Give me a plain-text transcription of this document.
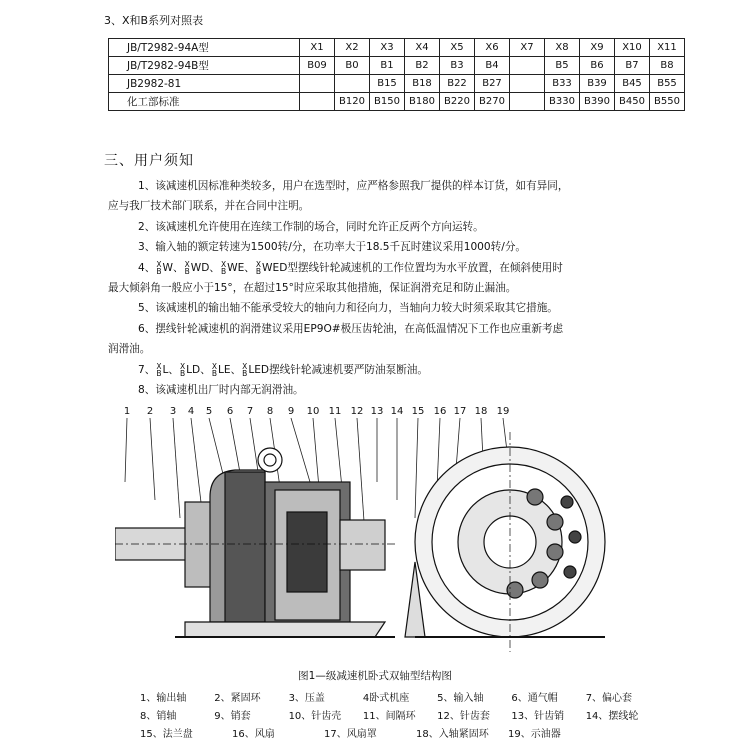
3、X和B系列对照表
JB/T2982-94A型	X1	X2	X3	X4	X5	X6	X7	X8	X9	X10	X11
JB/T2982-94B型	B09	B0	B1	B2	B3	B4		B5	B6	B7	B8
JB2982-81			B15	B18	B22	B27		B33	B39	B45	B55
化工部标准		B120	B150	B180	B220	B270		B330	B390	B450	B550
三、用户须知

1、该减速机因标准种类较多，用户在选型时，应严格参照我厂提供的样本订货，如有异同，

应与我厂技术部门联系，并在合同中注明。

2、该减速机允许使用在连续工作制的场合，同时允许正反两个方向运转。

3、输入轴的额定转速为1500转/分，在功率大于18.5千瓦时建议采用1000转/分。

4、 X
B W、 X
B WD、 X
B WE、 X
B WED型摆线针轮减速机的工作位置均为水平放置，在倾斜使用时

最大倾斜角一般应小于15°，在超过15°时应采取其他措施，保证润滑充足和防止漏油。

5、该减速机的输出轴不能承受较大的轴向力和径向力，当轴向力较大时须采取其它措施。

6、摆线针轮减速机的润滑建议采用EP9O#极压齿轮油，在高低温情况下工作也应重新考虑

润滑油。

7、 X
B L、 X
B LD、 X
B LE、 X
B LED摆线针轮减速机要严防油泵断油。

8、该减速机出厂时内部无润滑油。

1 2 3 4 5 6 7 8 9 10 11 12 13 14 15 16 17 18 19
图1—级减速机卧式双轴型结构图
1、输出轴	2、紧固环	3、压盖	4卧式机座	5、输入轴	6、通气帽	7、偏心套
8、销轴	9、销套	10、针齿壳	11、间隔环	12、针齿套	13、针齿销	14、摆线轮
15、法兰盘	16、风扇	17、风扇罩	18、入轴紧固环	19、示油器
